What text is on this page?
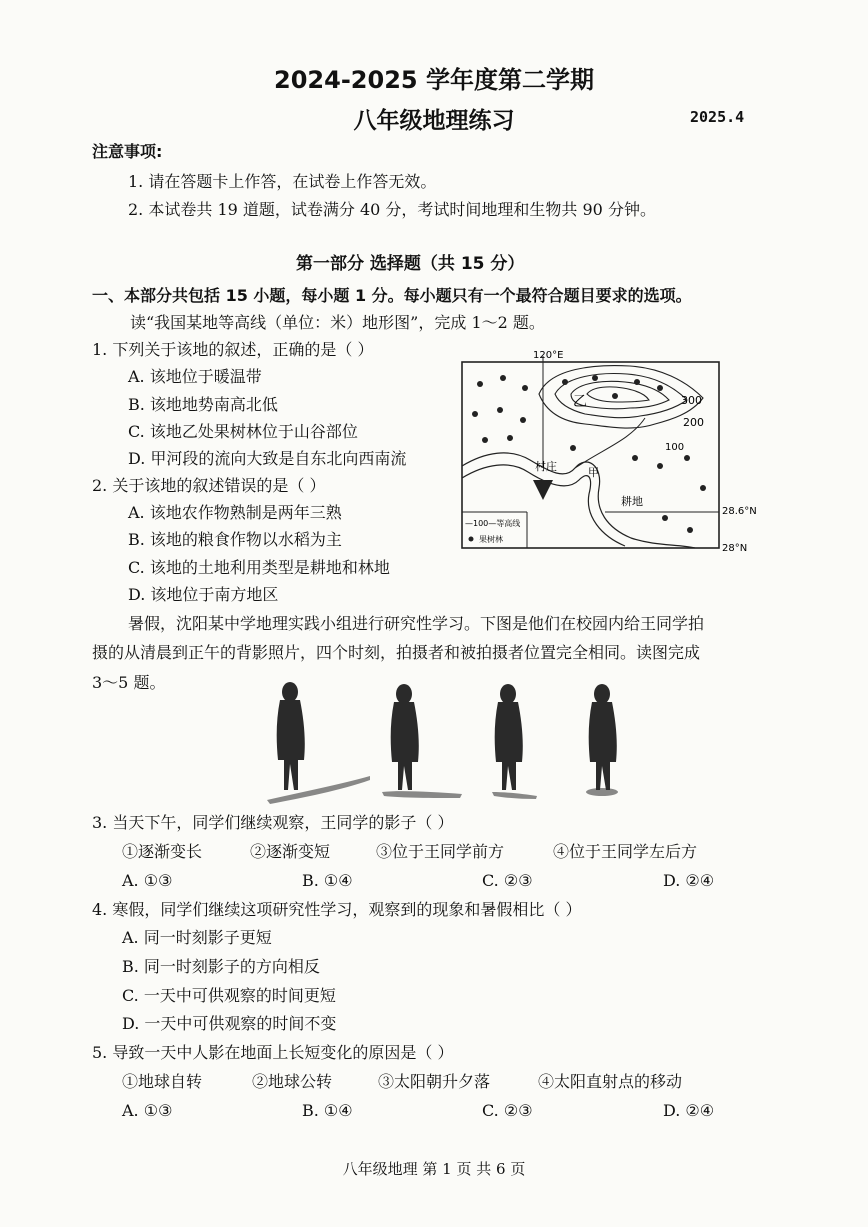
2024-2025 学年度第二学期
八年级地理练习	2025.4
注意事项:
1. 请在答题卡上作答，在试卷上作答无效。
2. 本试卷共 19 道题，试卷满分 40 分，考试时间地理和生物共 90 分钟。
第一部分 选择题（共 15 分）
一、本部分共包括 15 小题，每小题 1 分。每小题只有一个最符合题目要求的选项。
读“我国某地等高线（单位：米）地形图”，完成 1～2 题。
1. 下列关于该地的叙述，正确的是（ ）
A. 该地位于暖温带
B. 该地地势南高北低
C. 该地乙处果树林位于山谷部位
D. 甲河段的流向大致是自东北向西南流
2. 关于该地的叙述错误的是（ ）
A. 该地农作物熟制是两年三熟
B. 该地的粮食作物以水稻为主
C. 该地的土地利用类型是耕地和林地
D. 该地位于南方地区
120°E
28.6°N
28°N
300
200
100
乙
村庄	甲
耕地
—100—等高线
果树林
暑假，沈阳某中学地理实践小组进行研究性学习。下图是他们在校园内给王同学拍
摄的从清晨到正午的背影照片，四个时刻，拍摄者和被拍摄者位置完全相同。读图完成
3～5 题。
3. 当天下午，同学们继续观察，王同学的影子（ ）
①逐渐变长	②逐渐变短	③位于王同学前方	④位于王同学左后方
A. ①③	B. ①④	C. ②③	D. ②④
4. 寒假，同学们继续这项研究性学习，观察到的现象和暑假相比（ ）
A. 同一时刻影子更短
B. 同一时刻影子的方向相反
C. 一天中可供观察的时间更短
D. 一天中可供观察的时间不变
5. 导致一天中人影在地面上长短变化的原因是（ ）
①地球自转	②地球公转	③太阳朝升夕落	④太阳直射点的移动
A. ①③	B. ①④	C. ②③	D. ②④
八年级地理 第 1 页 共 6 页
